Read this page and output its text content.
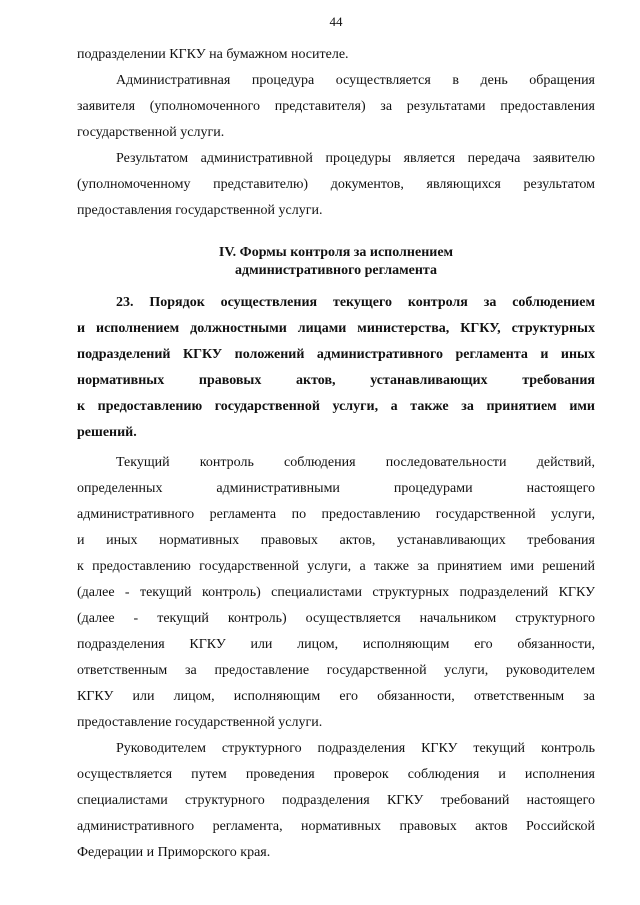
44
подразделении КГКУ на бумажном носителе.
Административная процедура осуществляется в день обращения
заявителя (уполномоченного представителя) за результатами предоставления
государственной услуги.
Результатом административной процедуры является передача заявителю
(уполномоченному представителю) документов, являющихся результатом
предоставления государственной услуги.
IV. Формы контроля за исполнением
административного регламента
23. Порядок осуществления текущего контроля за соблюдением
и исполнением должностными лицами министерства, КГКУ, структурных
подразделений КГКУ положений административного регламента и иных
нормативных правовых актов, устанавливающих требования
к предоставлению государственной услуги, а также за принятием ими
решений.
Текущий контроль соблюдения последовательности действий,
определенных административными процедурами настоящего
административного регламента по предоставлению государственной услуги,
и иных нормативных правовых актов, устанавливающих требования
к предоставлению государственной услуги, а также за принятием ими решений
(далее - текущий контроль) специалистами структурных подразделений КГКУ
(далее - текущий контроль) осуществляется начальником структурного
подразделения КГКУ или лицом, исполняющим его обязанности,
ответственным за предоставление государственной услуги, руководителем
КГКУ или лицом, исполняющим его обязанности, ответственным за
предоставление государственной услуги.
Руководителем структурного подразделения КГКУ текущий контроль
осуществляется путем проведения проверок соблюдения и исполнения
специалистами структурного подразделения КГКУ требований настоящего
административного регламента, нормативных правовых актов Российской
Федерации и Приморского края.
